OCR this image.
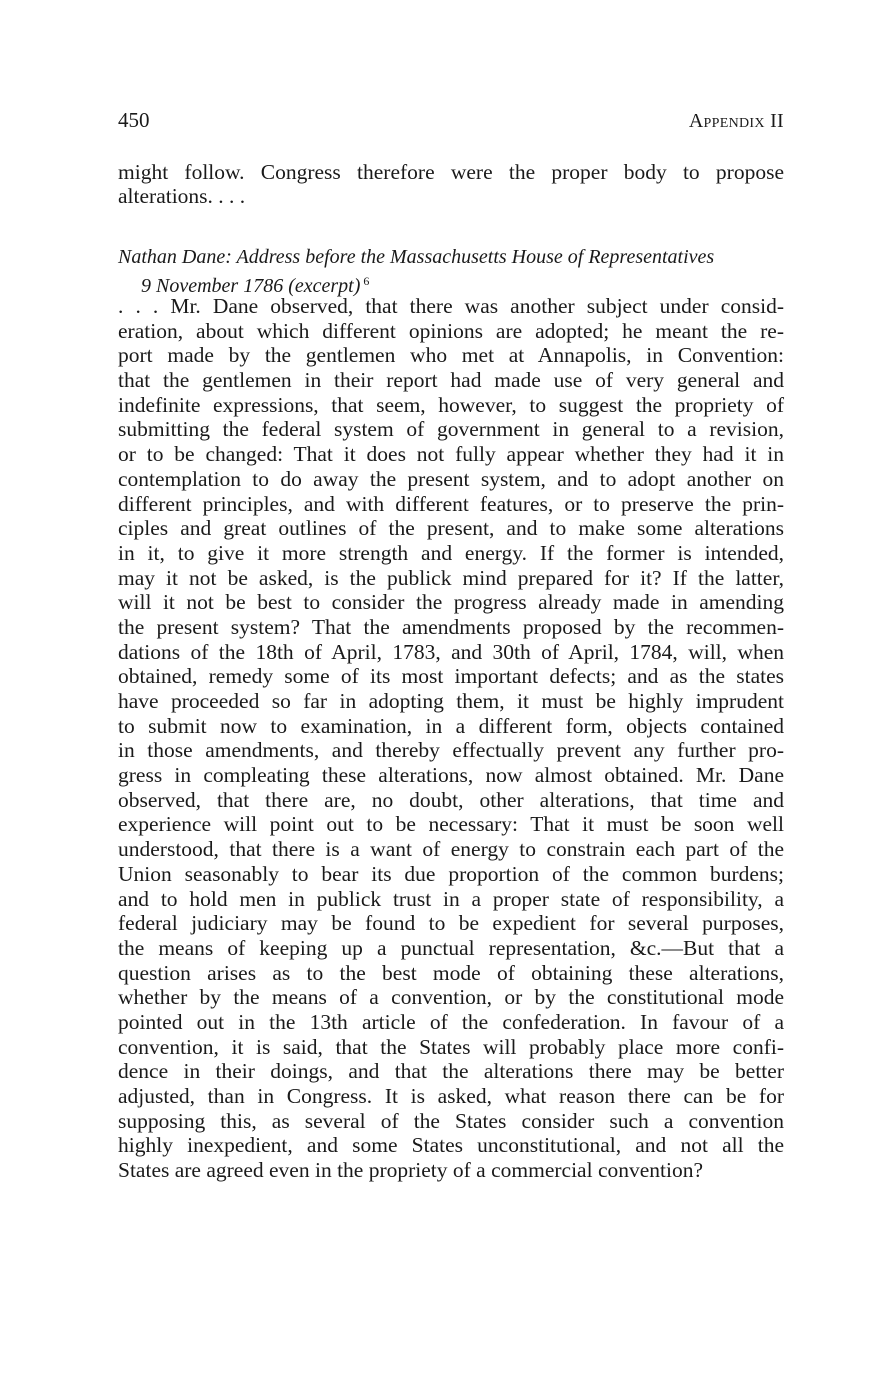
450	Appendix II
might follow. Congress therefore were the proper body to propose
alterations. . . .
Nathan Dane: Address before the Massachusetts House of Representatives
9 November 1786 (excerpt) $^6$
. . . Mr. Dane observed, that there was another subject under consid-
eration, about which different opinions are adopted; he meant the re-
port made by the gentlemen who met at Annapolis, in Convention:
that the gentlemen in their report had made use of very general and
indefinite expressions, that seem, however, to suggest the propriety of
submitting the federal system of government in general to a revision,
or to be changed: That it does not fully appear whether they had it in
contemplation to do away the present system, and to adopt another on
different principles, and with different features, or to preserve the prin-
ciples and great outlines of the present, and to make some alterations
in it, to give it more strength and energy. If the former is intended,
may it not be asked, is the publick mind prepared for it? If the latter,
will it not be best to consider the progress already made in amending
the present system? That the amendments proposed by the recommen-
dations of the 18th of April, 1783, and 30th of April, 1784, will, when
obtained, remedy some of its most important defects; and as the states
have proceeded so far in adopting them, it must be highly imprudent
to submit now to examination, in a different form, objects contained
in those amendments, and thereby effectually prevent any further pro-
gress in compleating these alterations, now almost obtained. Mr. Dane
observed, that there are, no doubt, other alterations, that time and
experience will point out to be necessary: That it must be soon well
understood, that there is a want of energy to constrain each part of the
Union seasonably to bear its due proportion of the common burdens;
and to hold men in publick trust in a proper state of responsibility, a
federal judiciary may be found to be expedient for several purposes,
the means of keeping up a punctual representation, &c.—But that a
question arises as to the best mode of obtaining these alterations,
whether by the means of a convention, or by the constitutional mode
pointed out in the 13th article of the confederation. In favour of a
convention, it is said, that the States will probably place more confi-
dence in their doings, and that the alterations there may be better
adjusted, than in Congress. It is asked, what reason there can be for
supposing this, as several of the States consider such a convention
highly inexpedient, and some States unconstitutional, and not all the
States are agreed even in the propriety of a commercial convention?
